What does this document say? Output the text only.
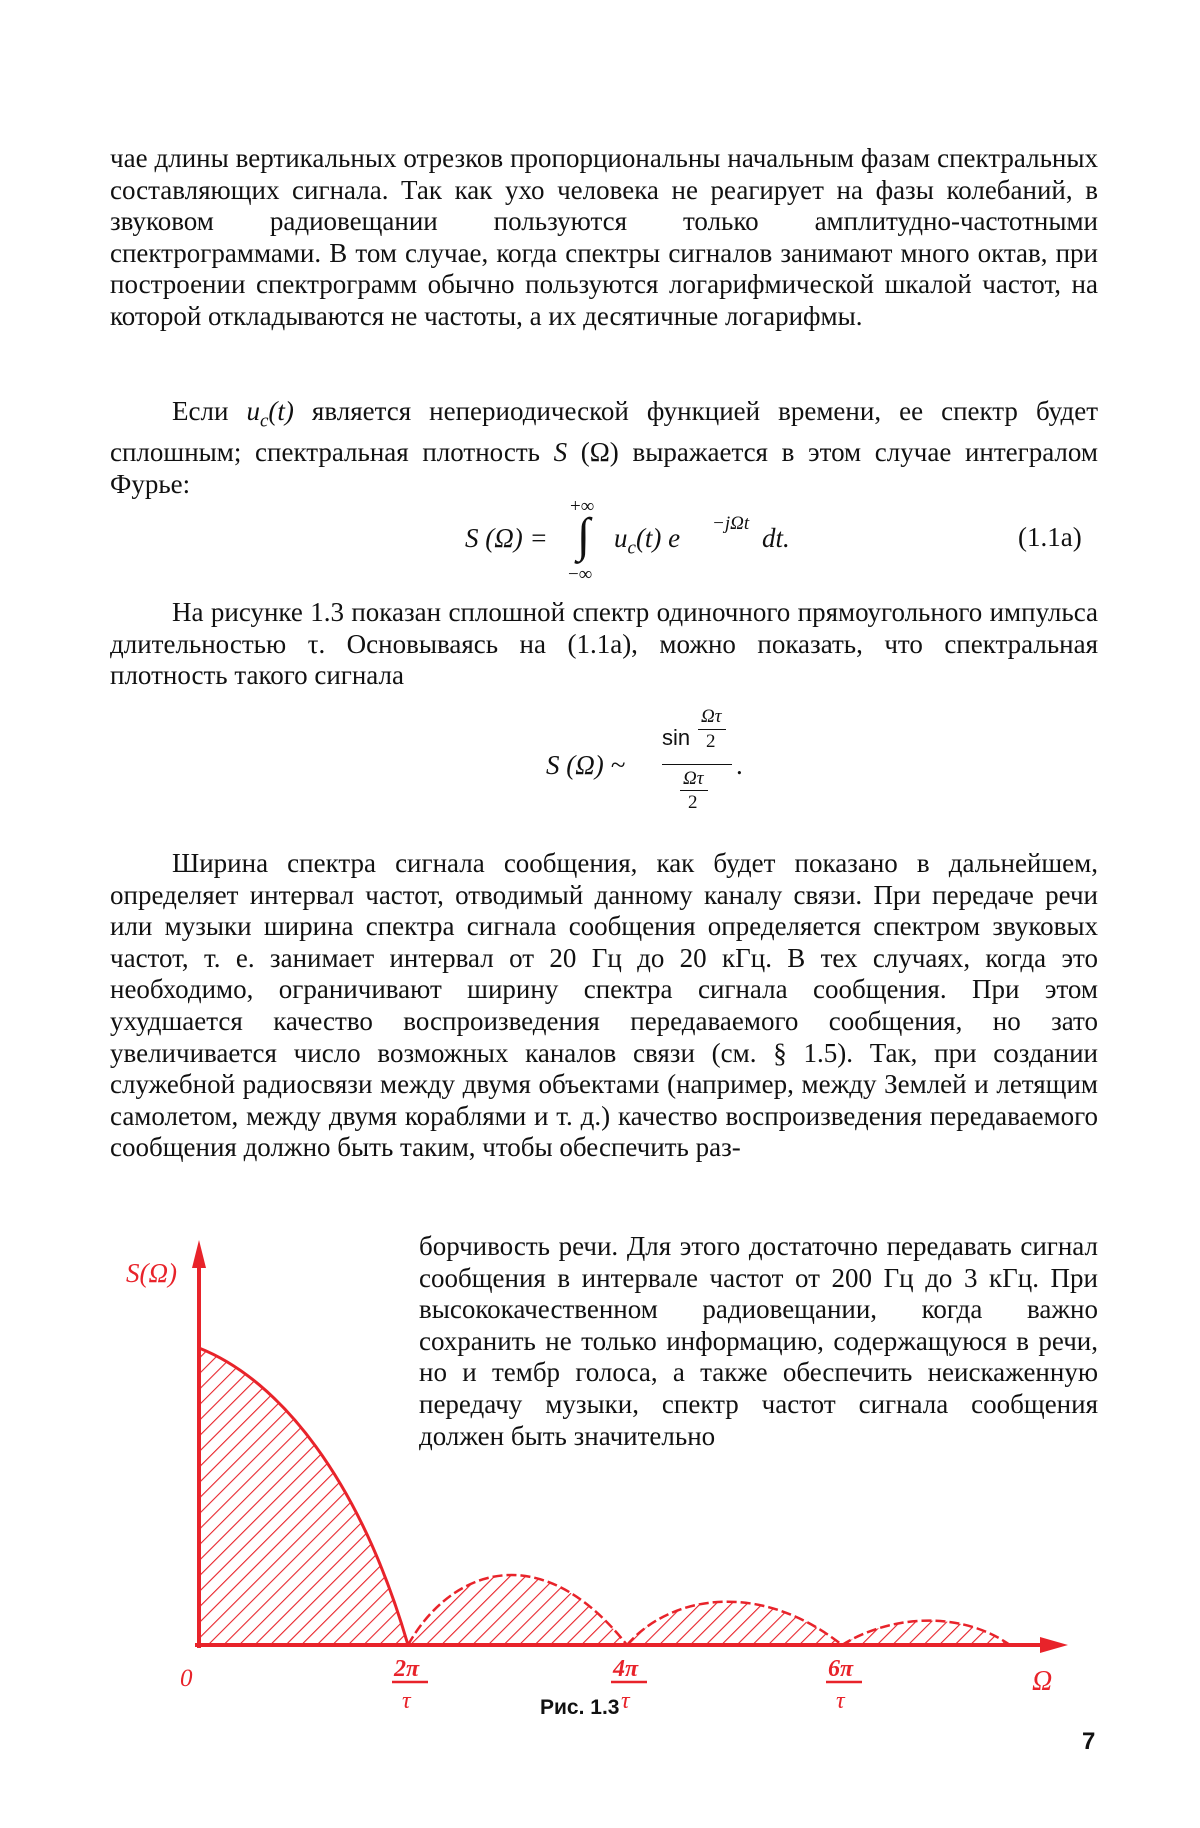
чае длины вертикальных отрезков пропорциональны начальным фазам спектральных составляющих сигнала. Так как ухо человека не реагирует на фазы колебаний, в звуковом радиовещании пользуются только амплитудно-частотными спектрограммами. В том случае, когда спектры сигналов занимают много октав, при построении спектрограмм обычно пользуются логарифмической шкалой частот, на которой откладываются не частоты, а их десятичные логарифмы.

Если $u_c(t)$ является непериодической функцией времени, ее спектр будет сплошным; спектральная плотность S (Ω) выражается в этом случае интегралом Фурье:

S (Ω) =
+∞
∫
−∞
$u_c(t)$ e −jΩt dt.	(1.1a)

На рисунке 1.3 показан сплошной спектр одиночного прямоугольного импульса длительностью τ. Основываясь на (1.1а), можно показать, что спектральная плотность такого сигнала

S (Ω) ~
sin
Ωτ
2
Ωτ
2
.

Ширина спектра сигнала сообщения, как будет показано в дальнейшем, определяет интервал частот, отводимый данному каналу связи. При передаче речи или музыки ширина спектра сигнала сообщения определяется спектром звуковых частот, т. е. занимает интервал от 20 Гц до 20 кГц. В тех случаях, когда это необходимо, ограничивают ширину спектра сигнала сообщения. При этом ухудшается качество воспроизведения передаваемого сообщения, но зато увеличивается число возможных каналов связи (см. § 1.5). Так, при создании служебной радиосвязи между двумя объектами (например, между Землей и летящим самолетом, между двумя кораблями и т. д.) качество воспроизведения передаваемого сообщения должно быть таким, чтобы обеспечить раз-

борчивость речи. Для этого достаточно передавать сигнал сообщения в интервале частот от 200 Гц до 3 кГц. При высококачественном радиовещании, когда важно сохранить не только информацию, содержащуюся в речи, но и тембр голоса, а также обеспечить неискаженную передачу музыки, спектр частот сигнала сообщения должен быть значительно

S(Ω)
0	Ω
2π
τ
4π
τ
6π
τ
Рис. 1.3
7
